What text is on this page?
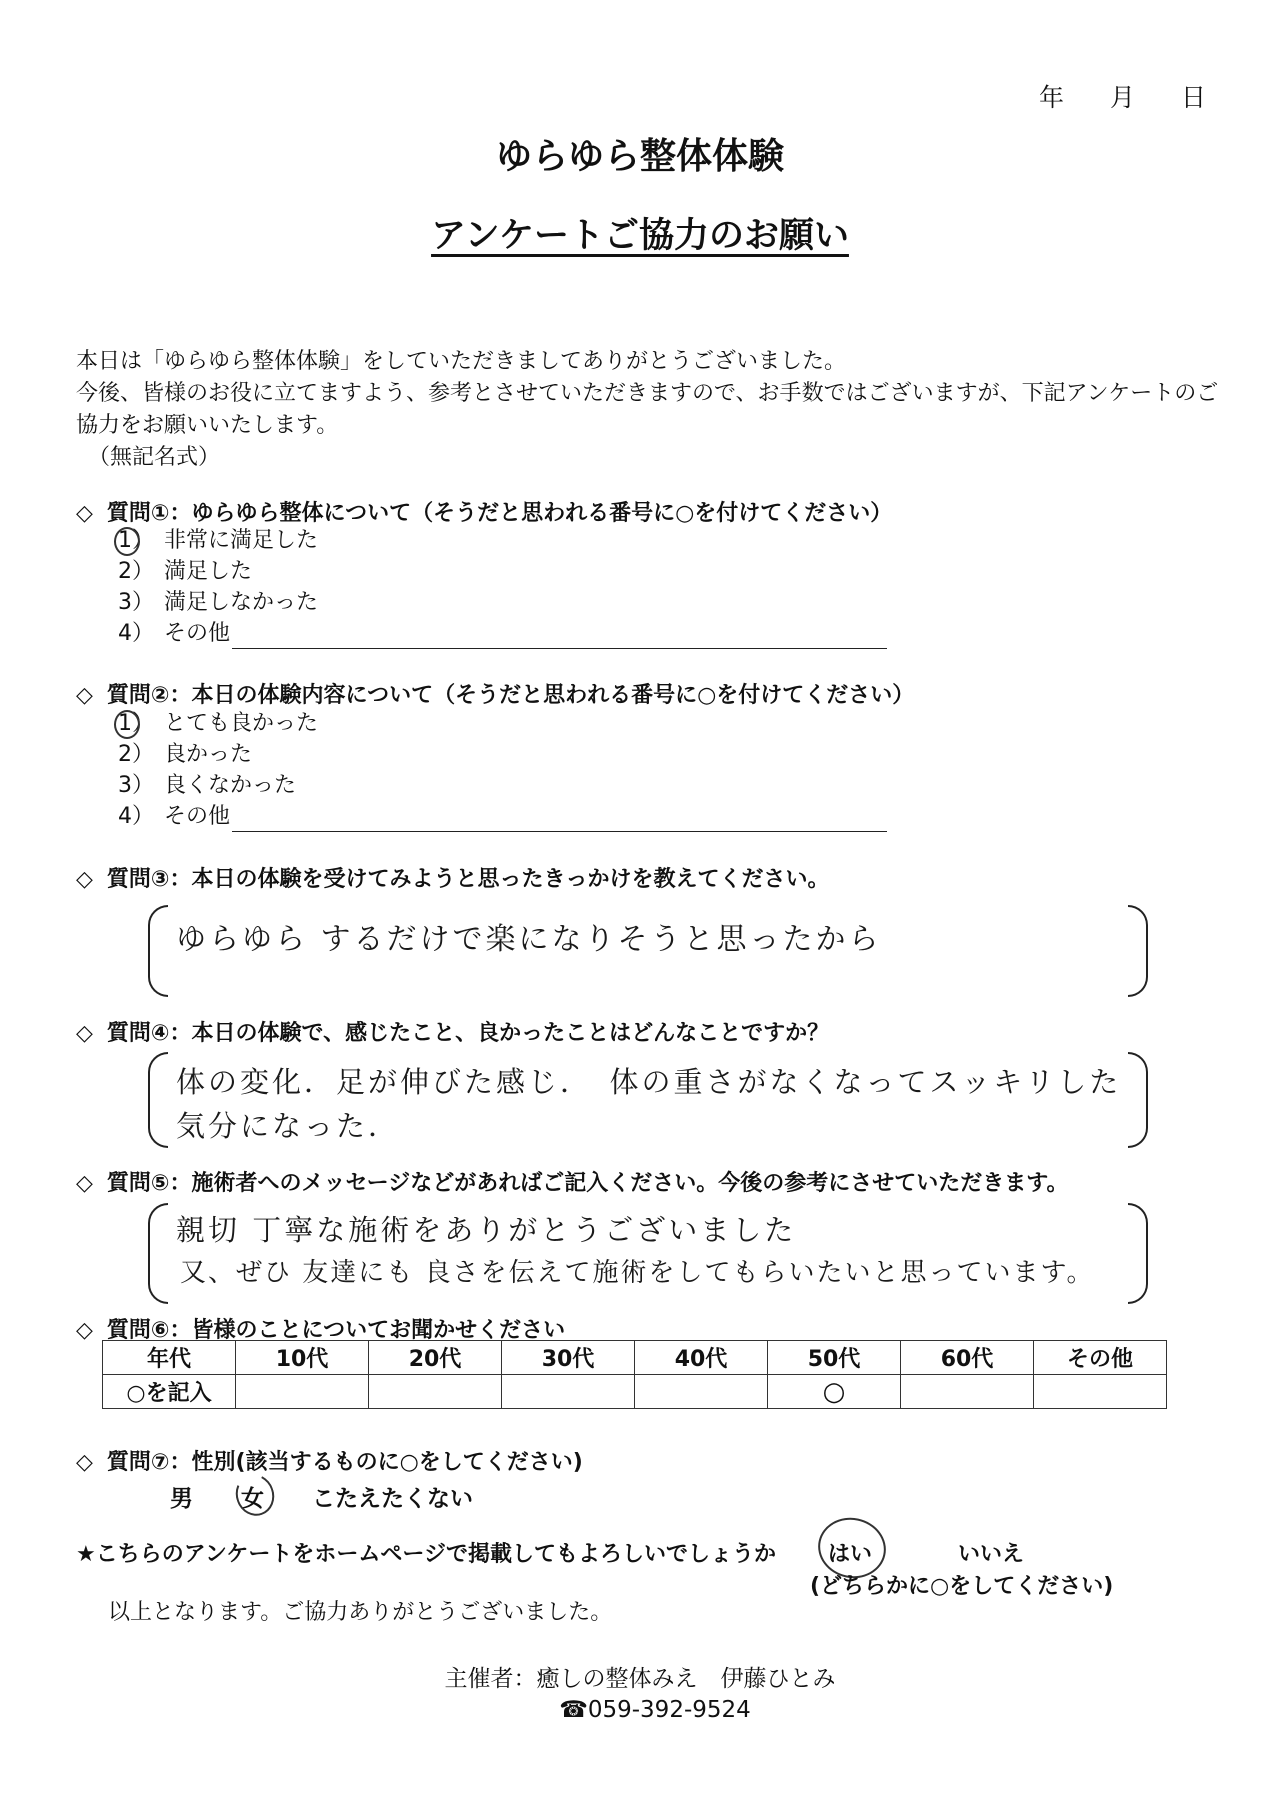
年 月 日
ゆらゆら整体体験
アンケートご協力のお願い
本日は「ゆらゆら整体体験」をしていただきましてありがとうございました。
今後、皆様のお役に立てますよう、参考とさせていただきますので、お手数ではございますが、下記アンケートのご
協力をお願いいたします。
（無記名式）
◇ 質問①：ゆらゆら整体について（そうだと思われる番号に○を付けてください）
1） 非常に満足した
2） 満足した
3） 満足しなかった
4） その他
◇ 質問②：本日の体験内容について（そうだと思われる番号に○を付けてください）
1） とても良かった
2） 良かった
3） 良くなかった
4） その他
◇ 質問③：本日の体験を受けてみようと思ったきっかけを教えてください。
ゆらゆら するだけで楽になりそうと思ったから
◇ 質問④：本日の体験で、感じたこと、良かったことはどんなことですか？
体の変化．足が伸びた感じ．　体の重さがなくなってスッキリした
気分になった．
◇ 質問⑤：施術者へのメッセージなどがあればご記入ください。今後の参考にさせていただきます。
親切 丁寧な施術をありがとうございました
又、ぜひ 友達にも 良さを伝えて施術をしてもらいたいと思っています。
◇ 質問⑥：皆様のことについてお聞かせください
年代	10代	20代	30代	40代	50代	60代	その他
○を記入					○		
◇ 質問⑦：性別(該当するものに○をしてください)
男 女 こたえたくない
★こちらのアンケートをホームページで掲載してもよろしいでしょうか はい	いいえ
(どちらかに○をしてください)
以上となります。ご協力ありがとうございました。
主催者：癒しの整体みえ　伊藤ひとみ
☎059-392-9524
